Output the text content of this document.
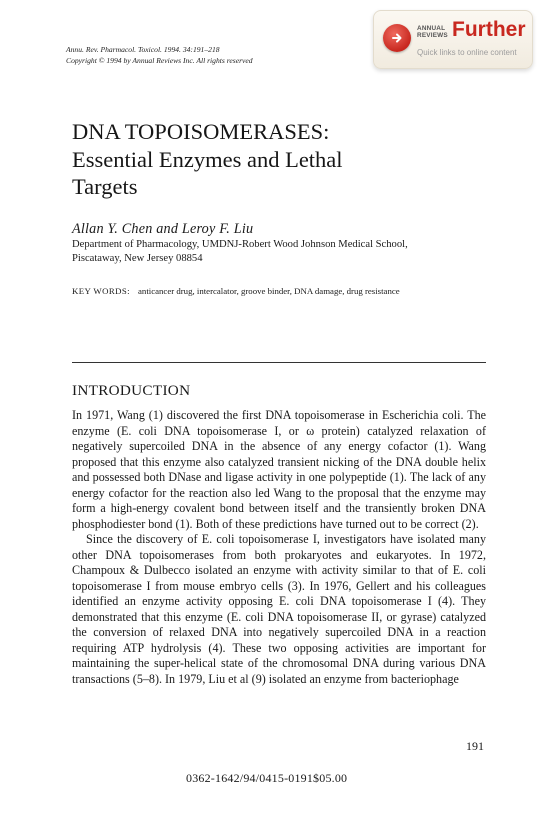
Annu. Rev. Pharmacol. Toxicol. 1994. 34:191–218
Copyright © 1994 by Annual Reviews Inc. All rights reserved
ANNUAL
REVIEWS Further
Quick links to online content
DNA TOPOISOMERASES:
Essential Enzymes and Lethal
Targets
Allan Y. Chen and Leroy F. Liu
Department of Pharmacology, UMDNJ-Robert Wood Johnson Medical School,
Piscataway, New Jersey 08854
KEY WORDS: anticancer drug, intercalator, groove binder, DNA damage, drug resistance
INTRODUCTION

In 1971, Wang (1) discovered the first DNA topoisomerase in Escherichia coli. The enzyme (E. coli DNA topoisomerase I, or ω protein) catalyzed relaxation of negatively supercoiled DNA in the absence of any energy cofactor (1). Wang proposed that this enzyme also catalyzed transient nicking of the DNA double helix and possessed both DNase and ligase activity in one polypeptide (1). The lack of any energy cofactor for the reaction also led Wang to the proposal that the enzyme may form a high-energy covalent bond between itself and the transiently broken DNA phosphodiester bond (1). Both of these predictions have turned out to be correct (2).

Since the discovery of E. coli topoisomerase I, investigators have isolated many other DNA topoisomerases from both prokaryotes and eukaryotes. In 1972, Champoux & Dulbecco isolated an enzyme with activity similar to that of E. coli topoisomerase I from mouse embryo cells (3). In 1976, Gellert and his colleagues identified an enzyme activity opposing E. coli DNA topoisomerase I (4). They demonstrated that this enzyme (E. coli DNA topoisomerase II, or gyrase) catalyzed the conversion of relaxed DNA into negatively supercoiled DNA in a reaction requiring ATP hydrolysis (4). These two opposing activities are important for maintaining the super-helical state of the chromosomal DNA during various DNA transactions (5–8). In 1979, Liu et al (9) isolated an enzyme from bacteriophage

191
0362-1642/94/0415-0191$05.00
